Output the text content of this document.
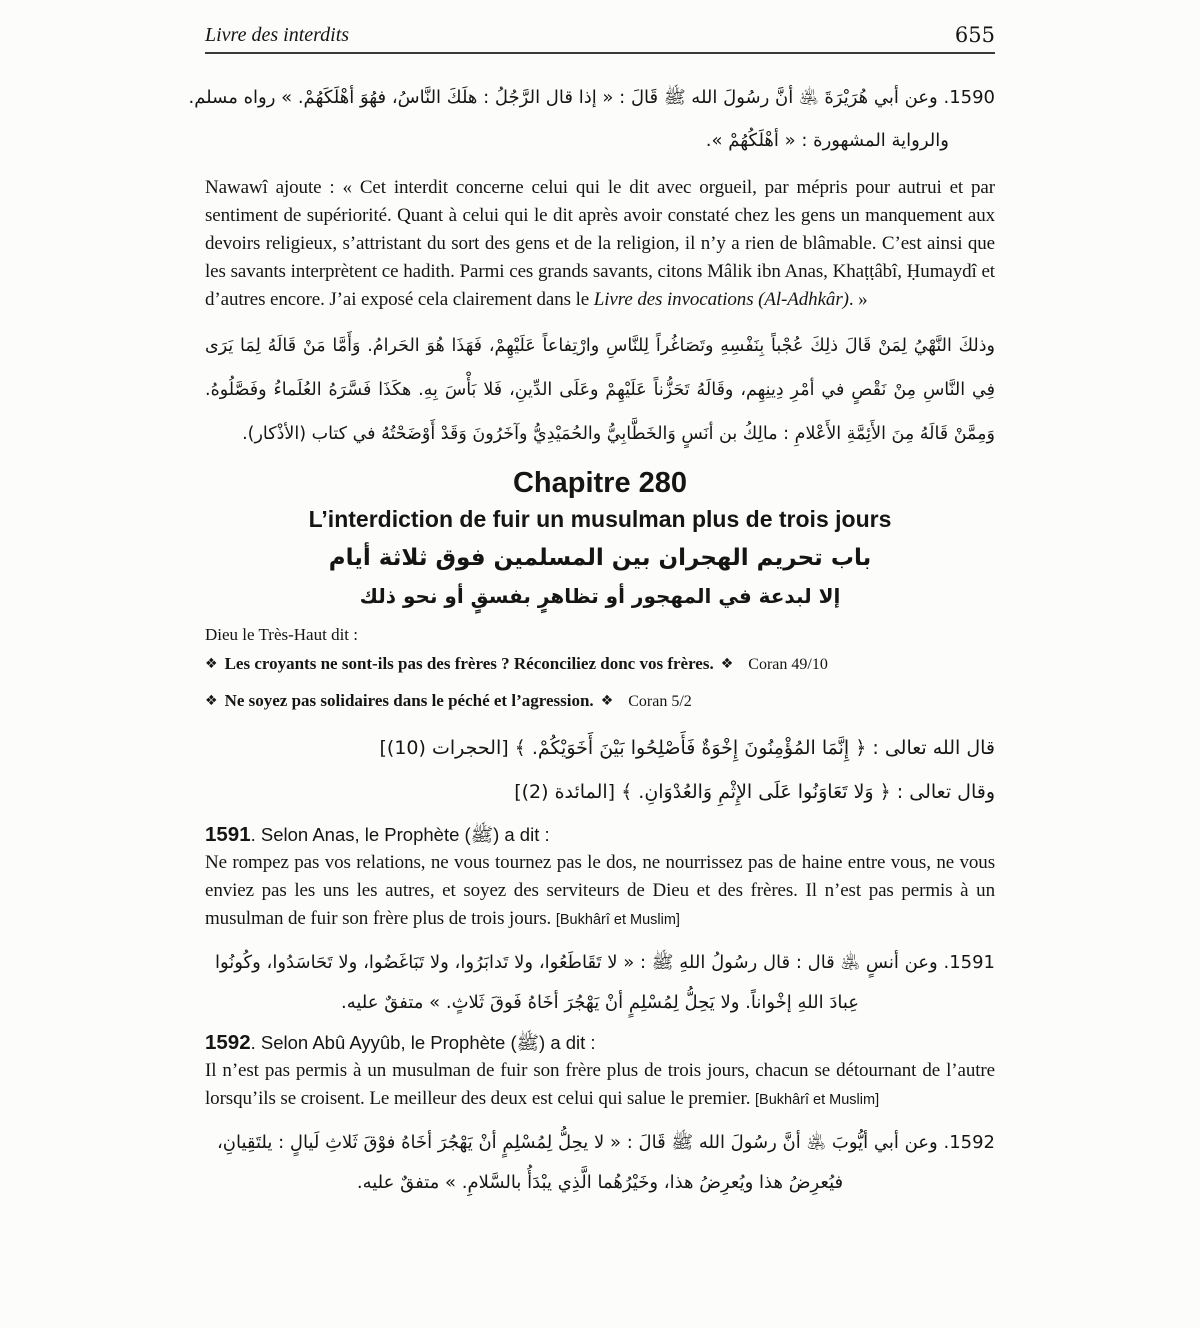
Livre des interdits	655

1590. وعن أبي هُرَيْرَةَ ﵁ أنَّ رسُولَ الله ﷺ قَالَ : « إذا قال الرَّجُلُ : هلَكَ النَّاسُ، فهُوَ أهْلَكَهُمْ. » رواه مسلم.

والرواية المشهورة : « أهْلَكُهُمْ ».

Nawawî ajoute : « Cet interdit concerne celui qui le dit avec orgueil, par mépris pour autrui et par sentiment de supériorité. Quant à celui qui le dit après avoir constaté chez les gens un manquement aux devoirs religieux, s’attristant du sort des gens et de la religion, il n’y a rien de blâmable. C’est ainsi que les savants interprètent ce hadith. Parmi ces grands savants, citons Mâlik ibn Anas, Khaṭṭâbî, Ḥumaydî et d’autres encore. J’ai exposé cela clairement dans le Livre des invocations (Al-Adhkâr). »

وذلكَ النَّهْيُ لِمَنْ قَالَ ذلِكَ عُجْباً بِنَفْسِهِ وتَصَاغُراً لِلنَّاسِ وارْتِفاعاً عَلَيْهِمْ، فَهَذَا هُوَ الحَرامُ. وَأَمَّا مَنْ قَالَهُ لِمَا يَرَى فِي النَّاسِ مِنْ نَقْصٍ في أمْرِ دِينِهِم، وقَالَهُ تَحَزُّناً عَلَيْهِمْ وعَلَى الدِّينِ، فَلا بَأْسَ بِهِ. هكَذَا فَسَّرَهُ العُلَماءُ وفَصَّلُوهُ. وَمِمَّنْ قَالَهُ مِنَ الأَئِمَّةِ الأَعْلامِ : مالِكُ بن أنَسٍ وَالخَطَّابِيُّ والحُمَيْدِيُّ وآخَرُونَ وَقَدْ أَوْضَحْتُهُ في كتاب (الأذْكار).

Chapitre 280
L’interdiction de fuir un musulman plus de trois jours
باب تحريم الهجران بين المسلمين فوق ثلاثة أيام
إلا لبدعة في المهجور أو تظاهرٍ بفسقٍ أو نحو ذلك

Dieu le Très-Haut dit :

❖ Les croyants ne sont-ils pas des frères ? Réconciliez donc vos frères. ❖ Coran 49/10

❖ Ne soyez pas solidaires dans le péché et l’agression. ❖ Coran 5/2

قال الله تعالى : ﴿ إِنَّمَا المُؤْمِنُونَ إِخْوَةٌ فَأَصْلِحُوا بَيْنَ أَخَوَيْكُمْ. ﴾ [الحجرات (10)]

وقال تعالى : ﴿ وَلا تَعَاوَنُوا عَلَى الإِثْمِ وَالعُدْوَانِ. ﴾ [المائدة (2)]

1591. Selon Anas, le Prophète (ﷺ) a dit :

Ne rompez pas vos relations, ne vous tournez pas le dos, ne nourrissez pas de haine entre vous, ne vous enviez pas les uns les autres, et soyez des serviteurs de Dieu et des frères. Il n’est pas permis à un musulman de fuir son frère plus de trois jours. [Bukhârî et Muslim]

1591. وعن أنسٍ ﵁ قال : قال رسُولُ اللهِ ﷺ : « لا تَقَاطَعُوا، ولا تَدابَرُوا، ولا تَبَاغَضُوا، ولا تَحَاسَدُوا، وكُونُوا

عِبادَ اللهِ إخْواناً. ولا يَحِلُّ لِمُسْلِمٍ أنْ يَهْجُرَ أخَاهُ فَوقَ ثَلاثٍ. » متفقٌ عليه.

1592. Selon Abû Ayyûb, le Prophète (ﷺ) a dit :

Il n’est pas permis à un musulman de fuir son frère plus de trois jours, chacun se détournant de l’autre lorsqu’ils se croisent. Le meilleur des deux est celui qui salue le premier. [Bukhârî et Muslim]

1592. وعن أبي أيُّوبَ ﵁ أنَّ رسُولَ الله ﷺ قَالَ : « لا يحِلُّ لِمُسْلِمٍ أنْ يَهْجُرَ أخَاهُ فوْقَ ثَلاثِ لَيالٍ : يلتَقِيانِ،

فيُعرِضُ هذا ويُعرِضُ هذا، وخَيْرُهُما الَّذِي يبْدَأُ بالسَّلامِ. » متفقٌ عليه.
